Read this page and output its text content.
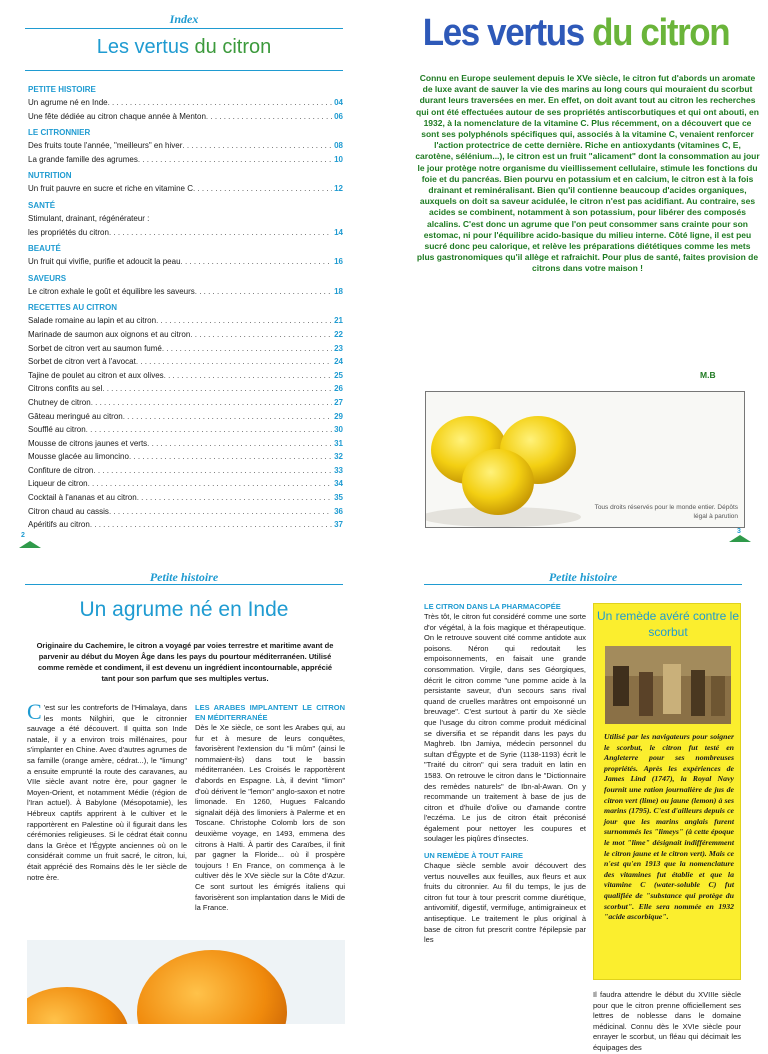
Index
Les vertus du citron
PETITE HISTOIRE
Un agrume né en Inde . . .	04
Une fête dédiée au citron chaque année à Menton . . .	06
LE CITRONNIER
Des fruits toute l'année, "meilleurs" en hiver . . .	08
La grande famille des agrumes . . .	10
NUTRITION
Un fruit pauvre en sucre et riche en vitamine C . . .	12
SANTÉ
Stimulant, drainant, régénérateur :
les propriétés du citron . . .	14
BEAUTÉ
Un fruit qui vivifie, purifie et adoucit la peau . . .	16
SAVEURS
Le citron exhale le goût et équilibre les saveurs . . .	18
RECETTES AU CITRON
Salade romaine au lapin et au citron . . .	21
Marinade de saumon aux oignons et au citron . . .	22
Sorbet de citron vert au saumon fumé . . .	23
Sorbet de citron vert à l'avocat . . .	24
Tajine de poulet au citron et aux olives . . .	25
Citrons confits au sel . . .	26
Chutney de citron . . .	27
Gâteau meringué au citron . . .	29
Soufflé au citron . . .	30
Mousse de citrons jaunes et verts . . .	31
Mousse glacée au limoncino . . .	32
Confiture de citron . . .	33
Liqueur de citron . . .	34
Cocktail à l'ananas et au citron . . .	35
Citron chaud au cassis . . .	36
Apéritifs au citron . . .	37
2
Les vertus du citron
Connu en Europe seulement depuis le XVe siècle, le citron fut d'abords un aromate de luxe avant de sauver la vie des marins au long cours qui mouraient du scorbut durant leurs traversées en mer. En effet, on doit avant tout au citron les recherches qui ont été effectuées autour de ses propriétés antiscorbutiques et qui ont abouti, en 1932, à la nomenclature de la vitamine C. Plus récemment, on a découvert que ce sont ses polyphénols spécifiques qui, associés à la vitamine C, venaient renforcer l'action protectrice de cette dernière. Riche en antioxydants (vitamines C, E, carotène, sélénium...), le citron est un fruit "alicament" dont la consommation au jour le jour protège notre organisme du vieillissement cellulaire, stimule les fonctions du foie et du pancréas. Bien pourvu en potassium et en calcium, le citron est à la fois drainant et reminéralisant. Bien qu'il contienne beaucoup d'acides organiques, auxquels on doit sa saveur acidulée, le citron n'est pas acidifiant. Au contraire, ses acides se combinent, notamment à son potassium, pour libérer des composés alcalins. C'est donc un agrume que l'on peut consommer sans crainte pour son estomac, ni pour l'équilibre acido-basique du milieu interne. Côté ligne, il est peu sucré donc peu calorique, et relève les préparations diététiques comme les mets plus gastronomiques qu'il allège et rafraichit. Pour plus de santé, faites provision de citrons dans votre maison !
M.B
Tous droits réservés pour le monde entier. Dépôts légal à parution
3
Petite histoire
Un agrume né en Inde
Originaire du Cachemire, le citron a voyagé par voies terrestre et maritime avant de parvenir au début du Moyen Âge dans les pays du pourtour méditerranéen. Utilisé comme remède et condiment, il est devenu un ingrédient incontournable, apprécié tant pour son parfum que ses multiples vertus.
C 'est sur les contreforts de l'Himalaya, dans les monts Nilghiri, que le citronnier sauvage a été découvert. Il quitta son Inde natale, il y a environ trois millénaires, pour s'implanter en Chine. Avec d'autres agrumes de sa famille (orange amère, cédrat...), le "limung" a ensuite emprunté la route des caravanes, au VIIe siècle avant notre ère, pour gagner le Moyen-Orient, et notamment Médie (région de l'Iran actuel). À Babylone (Mésopotamie), les Hébreux captifs apprirent à le cultiver et le rapportèrent en Palestine où il figurait dans les cérémonies religieuses. Si le cédrat était connu dans la Grèce et l'Égypte anciennes où on le considérait comme un fruit sacré, le citron, lui, était apprécié des Romains dès le Ier siècle de notre ère.
LES ARABES IMPLANTENT LE CITRON EN MÉDITERRANÉE
Dès le Xe siècle, ce sont les Arabes qui, au fur et à mesure de leurs conquêtes, favorisèrent l'extension du "li mûm" (ainsi le nommaient-ils) dans tout le bassin méditerranéen. Les Croisés le rapportèrent d'abords en Espagne. Là, il devint "limon" d'où dérivent le "lemon" anglo-saxon et notre limonade. En 1260, Hugues Falcando signalait déjà des limoniers à Palerme et en Toscane. Christophe Colomb lors de son deuxième voyage, en 1493, emmena des citrons à Haïti. À partir des Caraïbes, il finit par gagner la Floride... où il prospère toujours ! En France, on commença à le cultiver dès le XVe siècle sur la Côte d'Azur. Ce sont surtout les émigrés italiens qui favorisèrent son implantation dans le Midi de la France.
Petite histoire
LE CITRON DANS LA PHARMACOPÉE
Très tôt, le citron fut considéré comme une sorte d'or végétal, à la fois magique et thérapeutique. On le retrouve souvent cité comme antidote aux poisons. Néron qui redoutait les empoisonnements, en faisait une grande consommation. Virgile, dans ses Géorgiques, décrit le citron comme "une pomme acide à la persistante saveur, d'un secours sans rival quand de cruelles marâtres ont empoisonné un breuvage". C'est surtout à partir du Xe siècle que l'usage du citron comme produit médicinal se diversifia et se répandit dans les pays du Maghreb. Ibn Jamiya, médecin personnel du sultan d'Égypte et de Syrie (1138-1193) écrit le "Traité du citron" qui sera traduit en latin en 1583. On retrouve le citron dans le "Dictionnaire des remèdes naturels" de Ibn-al-Awan. On y recommande un traitement à base de jus de citron et d'huile d'olive ou d'amande contre l'eczéma. Le jus de citron était préconisé également pour nettoyer les coupures et soulager les piqûres d'insectes.
UN REMÈDE À TOUT FAIRE
Chaque siècle semble avoir découvert des vertus nouvelles aux feuilles, aux fleurs et aux fruits du citronnier. Au fil du temps, le jus de citron fut tour à tour prescrit comme diurétique, antivomitif, digestif, vermifuge, antimigraineux et antiseptique. Le traitement le plus original à base de citron fut prescrit contre l'épilepsie par les
Un remède avéré contre le scorbut
Utilisé par les navigateurs pour soigner le scorbut, le citron fut testé en Angleterre pour ses nombreuses propriétés. Après les expériences de James Lind (1747), la Royal Navy fournit une ration journalière de jus de citron vert (lime) ou jaune (lemon) à ses marins (1795). C'est d'ailleurs depuis ce jour que les marins anglais furent surnommés les "limeys" (à cette époque le mot "lime" désignait indifféremment le citron jaune et le citron vert). Mais ce n'est qu'en 1913 que la nomenclature des vitamines fut établie et que la vitamine C (water-soluble C) fut qualifiée de "substance qui protège du scorbut". Elle sera nommée en 1932 "acide ascorbique".
Il faudra attendre le début du XVIIIe siècle pour que le citron prenne officiellement ses lettres de noblesse dans le domaine médicinal. Connu dès le XVIe siècle pour enrayer le scorbut, un fléau qui décimait les équipages des
